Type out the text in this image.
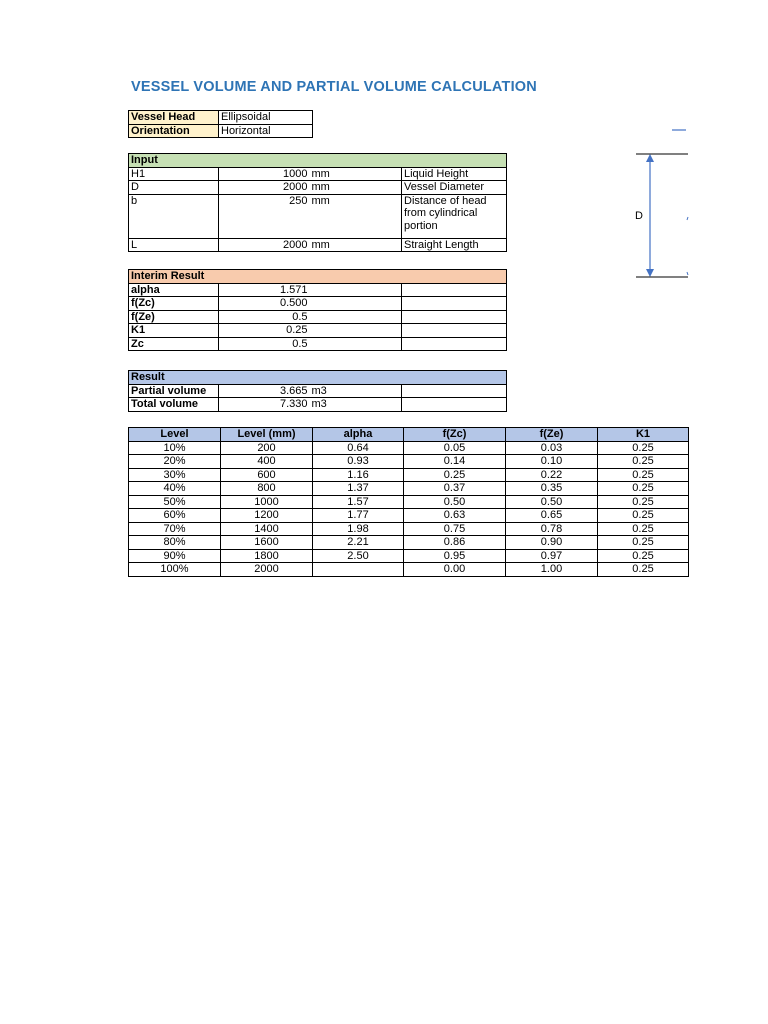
VESSEL VOLUME AND PARTIAL VOLUME CALCULATION
Vessel Head	Ellipsoidal
Orientation	Horizontal
Input			
H1	1000	mm	Liquid Height
D	2000	mm	Vessel Diameter
b	250	mm	Distance of head from cylindrical portion
L	2000	mm	Straight Length
Interim Result			
alpha	1.571		
f(Zc)	0.500		
f(Ze)	0.5		
K1	0.25		
Zc	0.5		
Result			
Partial volume	3.665	m3	
Total volume	7.330	m3	
Level	Level (mm)	alpha	f(Zc)	f(Ze)	K1
10%	200	0.64	0.05	0.03	0.25
20%	400	0.93	0.14	0.10	0.25
30%	600	1.16	0.25	0.22	0.25
40%	800	1.37	0.37	0.35	0.25
50%	1000	1.57	0.50	0.50	0.25
60%	1200	1.77	0.63	0.65	0.25
70%	1400	1.98	0.75	0.78	0.25
80%	1600	2.21	0.86	0.90	0.25
90%	1800	2.50	0.95	0.97	0.25
100%	2000		0.00	1.00	0.25
D
